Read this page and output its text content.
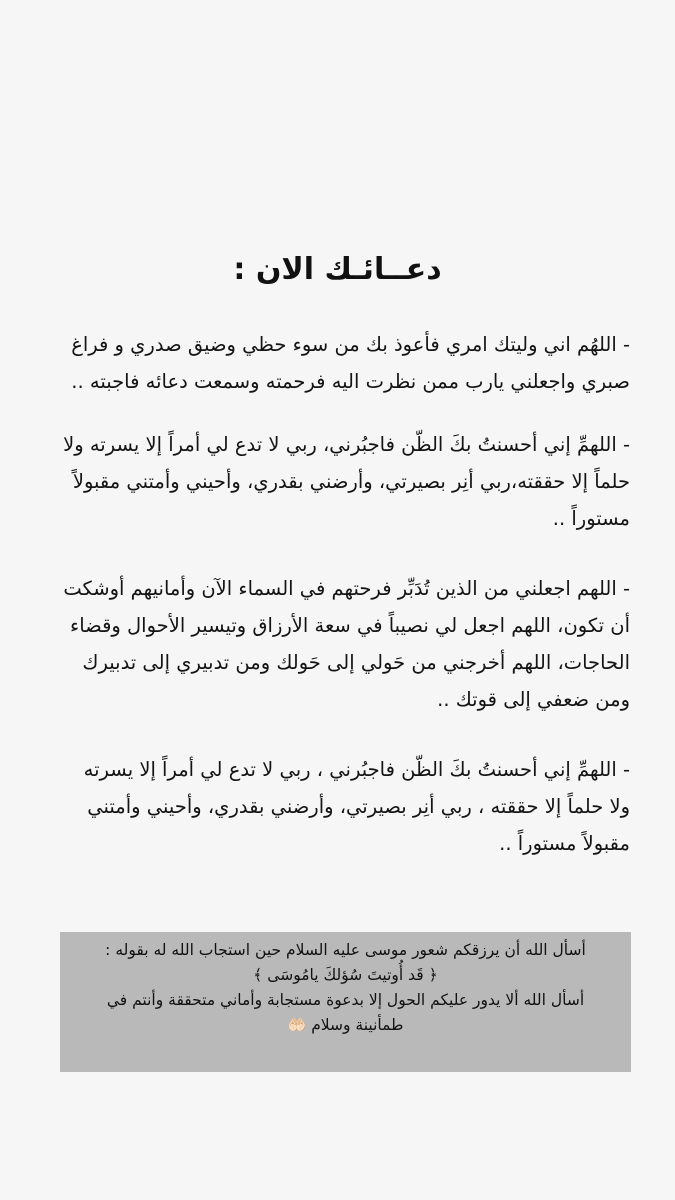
دعــائـك الان :

- اللهُم اني وليتك امري فأعوذ بك من سوء حظي وضيق صدري و فراغ صبري واجعلني يارب ممن نظرت اليه فرحمته وسمعت دعائه فاجبته ..

- اللهمِّ إني أحسنتُ بكَ الظّن فاجبُرني، ربي لا تدع لي أمراً إلا يسرته ولا حلماً إلا حققته،ربي أنِر بصيرتي، وأرضني بقدري، وأحيني وأمتني مقبولاً مستوراً ..

- اللهم اجعلني من الذين تُدَبِّر فرحتهم في السماء الآن وأمانيهم أوشكت أن تكون، اللهم اجعل لي نصيباً في سعة الأرزاق وتيسير الأحوال وقضاء الحاجات، اللهم أخرجني من حَولي إلى حَولك ومن تدبيري إلى تدبيرك ومن ضعفي إلى قوتك ..

- اللهمِّ إني أحسنتُ بكَ الظّن فاجبُرني ، ربي لا تدع لي أمراً إلا يسرته ولا حلماً إلا حققته ، ربي أنِر بصيرتي، وأرضني بقدري، وأحيني وأمتني مقبولاً مستوراً ..

أسأل الله أن يرزقكم شعور موسى عليه السلام حين استجاب الله له بقوله :
﴿ قَد أُوتيتَ سُؤلكَ يامُوسَى ﴾
أسأل الله ألا يدور عليكم الحول إلا بدعوة مستجابة وأماني متحققة وأنتم في
طمأنينة وسلام 🤲🏻
